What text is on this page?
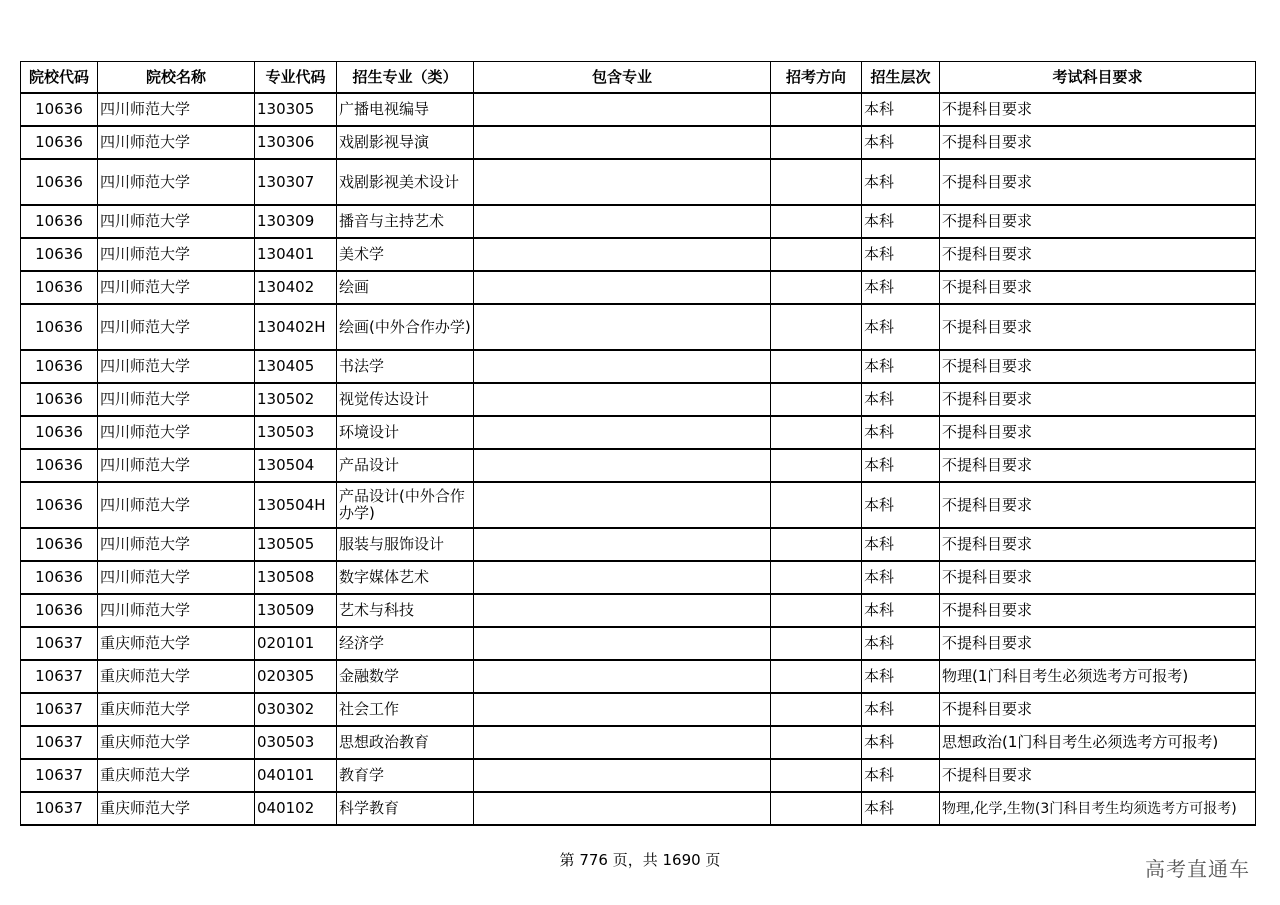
院校代码	院校名称	专业代码	招生专业（类）	包含专业	招考方向	招生层次	考试科目要求
10636	四川师范大学	130305	广播电视编导			本科	不提科目要求
10636	四川师范大学	130306	戏剧影视导演			本科	不提科目要求
10636	四川师范大学	130307	戏剧影视美术设计			本科	不提科目要求
10636	四川师范大学	130309	播音与主持艺术			本科	不提科目要求
10636	四川师范大学	130401	美术学			本科	不提科目要求
10636	四川师范大学	130402	绘画			本科	不提科目要求
10636	四川师范大学	130402H	绘画(中外合作办学)			本科	不提科目要求
10636	四川师范大学	130405	书法学			本科	不提科目要求
10636	四川师范大学	130502	视觉传达设计			本科	不提科目要求
10636	四川师范大学	130503	环境设计			本科	不提科目要求
10636	四川师范大学	130504	产品设计			本科	不提科目要求
10636	四川师范大学	130504H	产品设计(中外合作办学)			本科	不提科目要求
10636	四川师范大学	130505	服装与服饰设计			本科	不提科目要求
10636	四川师范大学	130508	数字媒体艺术			本科	不提科目要求
10636	四川师范大学	130509	艺术与科技			本科	不提科目要求
10637	重庆师范大学	020101	经济学			本科	不提科目要求
10637	重庆师范大学	020305	金融数学			本科	物理(1门科目考生必须选考方可报考)
10637	重庆师范大学	030302	社会工作			本科	不提科目要求
10637	重庆师范大学	030503	思想政治教育			本科	思想政治(1门科目考生必须选考方可报考)
10637	重庆师范大学	040101	教育学			本科	不提科目要求
10637	重庆师范大学	040102	科学教育			本科	物理,化学,生物(3门科目考生均须选考方可报考)
第 776 页，共 1690 页	高考直通车
